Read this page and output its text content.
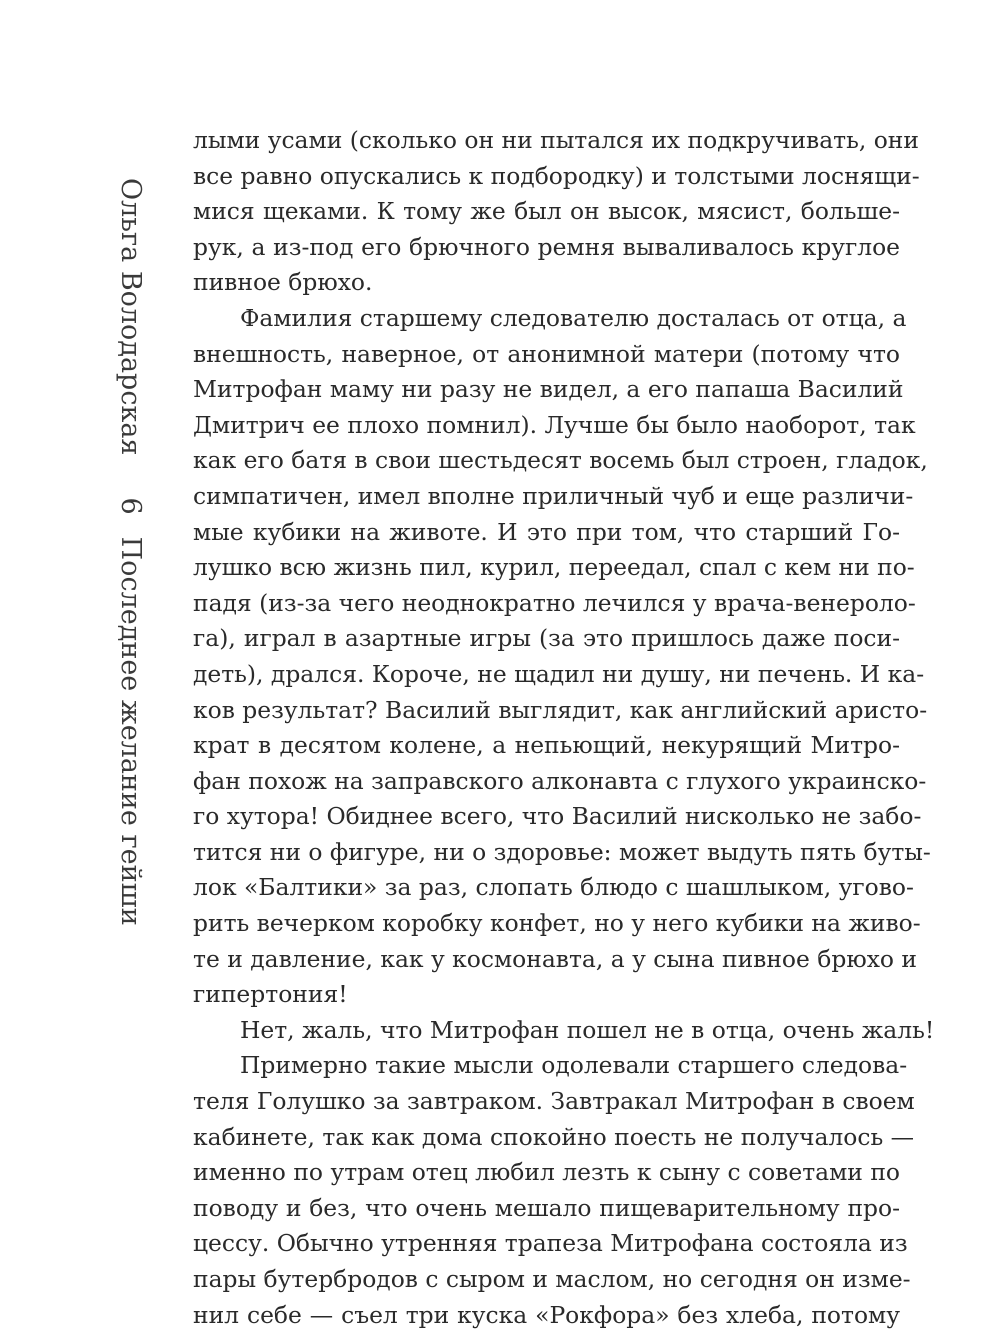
Ольга Володарская
6
Последнее желание гейши
лыми усами (сколько он ни пытался их подкручивать, они
все равно опускались к подбородку) и толстыми лоснящи-
мися щеками. К тому же был он высок, мясист, больше-
рук, а из-под его брючного ремня вываливалось круглое
пивное брюхо.
Фамилия старшему следователю досталась от отца, а
внешность, наверное, от анонимной матери (потому что
Митрофан маму ни разу не видел, а его папаша Василий
Дмитрич ее плохо помнил). Лучше бы было наоборот, так
как его батя в свои шестьдесят восемь был строен, гладок,
симпатичен, имел вполне приличный чуб и еще различи-
мые кубики на животе. И это при том, что старший Го-
лушко всю жизнь пил, курил, переедал, спал с кем ни по-
падя (из-за чего неоднократно лечился у врача-венероло-
га), играл в азартные игры (за это пришлось даже поси-
деть), дрался. Короче, не щадил ни душу, ни печень. И ка-
ков результат? Василий выглядит, как английский аристо-
крат в десятом колене, а непьющий, некурящий Митро-
фан похож на заправского алконавта с глухого украинско-
го хутора! Обиднее всего, что Василий нисколько не забо-
тится ни о фигуре, ни о здоровье: может выдуть пять буты-
лок «Балтики» за раз, слопать блюдо с шашлыком, угово-
рить вечерком коробку конфет, но у него кубики на живо-
те и давление, как у космонавта, а у сына пивное брюхо и
гипертония!
Нет, жаль, что Митрофан пошел не в отца, очень жаль!
Примерно такие мысли одолевали старшего следова-
теля Голушко за завтраком. Завтракал Митрофан в своем
кабинете, так как дома спокойно поесть не получалось —
именно по утрам отец любил лезть к сыну с советами по
поводу и без, что очень мешало пищеварительному про-
цессу. Обычно утренняя трапеза Митрофана состояла из
пары бутербродов с сыром и маслом, но сегодня он изме-
нил себе — съел три куска «Рокфора» без хлеба, потому
